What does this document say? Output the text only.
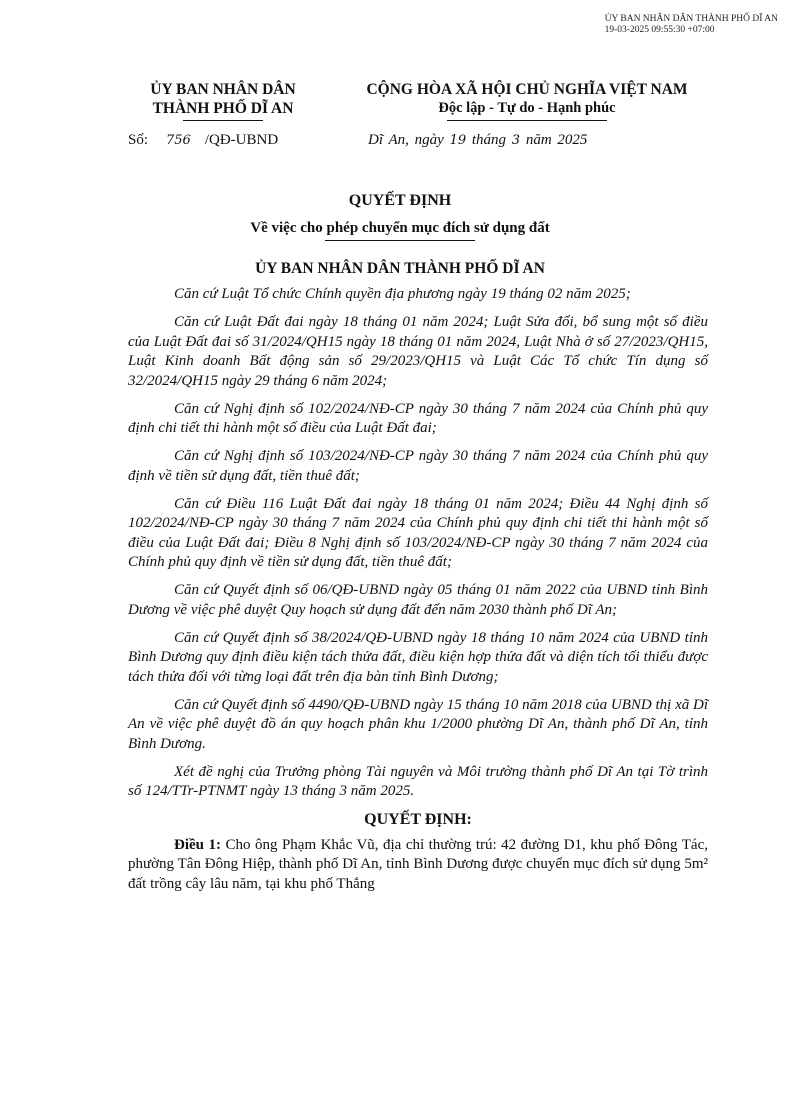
ỦY BAN NHÂN DÂN THÀNH PHỐ DĨ AN
19-03-2025 09:55:30 +07:00
ỦY BAN NHÂN DÂN
THÀNH PHỐ DĨ AN
CỘNG HÒA XÃ HỘI CHỦ NGHĨA VIỆT NAM
Độc lập - Tự do - Hạnh phúc
Số: 756 /QĐ-UBND	Dĩ An, ngày 19 tháng 3 năm 2025
QUYẾT ĐỊNH
Về việc cho phép chuyển mục đích sử dụng đất
ỦY BAN NHÂN DÂN THÀNH PHỐ DĨ AN

Căn cứ Luật Tổ chức Chính quyền địa phương ngày 19 tháng 02 năm 2025;

Căn cứ Luật Đất đai ngày 18 tháng 01 năm 2024; Luật Sửa đổi, bổ sung một số điều của Luật Đất đai số 31/2024/QH15 ngày 18 tháng 01 năm 2024, Luật Nhà ở số 27/2023/QH15, Luật Kinh doanh Bất động sản số 29/2023/QH15 và Luật Các Tổ chức Tín dụng số 32/2024/QH15 ngày 29 tháng 6 năm 2024;

Căn cứ Nghị định số 102/2024/NĐ-CP ngày 30 tháng 7 năm 2024 của Chính phủ quy định chi tiết thi hành một số điều của Luật Đất đai;

Căn cứ Nghị định số 103/2024/NĐ-CP ngày 30 tháng 7 năm 2024 của Chính phủ quy định về tiền sử dụng đất, tiền thuê đất;

Căn cứ Điều 116 Luật Đất đai ngày 18 tháng 01 năm 2024; Điều 44 Nghị định số 102/2024/NĐ-CP ngày 30 tháng 7 năm 2024 của Chính phủ quy định chi tiết thi hành một số điều của Luật Đất đai; Điều 8 Nghị định số 103/2024/NĐ-CP ngày 30 tháng 7 năm 2024 của Chính phủ quy định về tiền sử dụng đất, tiền thuê đất;

Căn cứ Quyết định số 06/QĐ-UBND ngày 05 tháng 01 năm 2022 của UBND tỉnh Bình Dương về việc phê duyệt Quy hoạch sử dụng đất đến năm 2030 thành phố Dĩ An;

Căn cứ Quyết định số 38/2024/QĐ-UBND ngày 18 tháng 10 năm 2024 của UBND tỉnh Bình Dương quy định điều kiện tách thửa đất, điều kiện hợp thửa đất và diện tích tối thiểu được tách thửa đối với từng loại đất trên địa bàn tỉnh Bình Dương;

Căn cứ Quyết định số 4490/QĐ-UBND ngày 15 tháng 10 năm 2018 của UBND thị xã Dĩ An về việc phê duyệt đồ án quy hoạch phân khu 1/2000 phường Dĩ An, thành phố Dĩ An, tỉnh Bình Dương.

Xét đề nghị của Trưởng phòng Tài nguyên và Môi trường thành phố Dĩ An tại Tờ trình số 124/TTr-PTNMT ngày 13 tháng 3 năm 2025.

QUYẾT ĐỊNH:

Điều 1: Cho ông Phạm Khắc Vũ, địa chỉ thường trú: 42 đường D1, khu phố Đông Tác, phường Tân Đông Hiệp, thành phố Dĩ An, tỉnh Bình Dương được chuyển mục đích sử dụng 5m² đất trồng cây lâu năm, tại khu phố Thắng
